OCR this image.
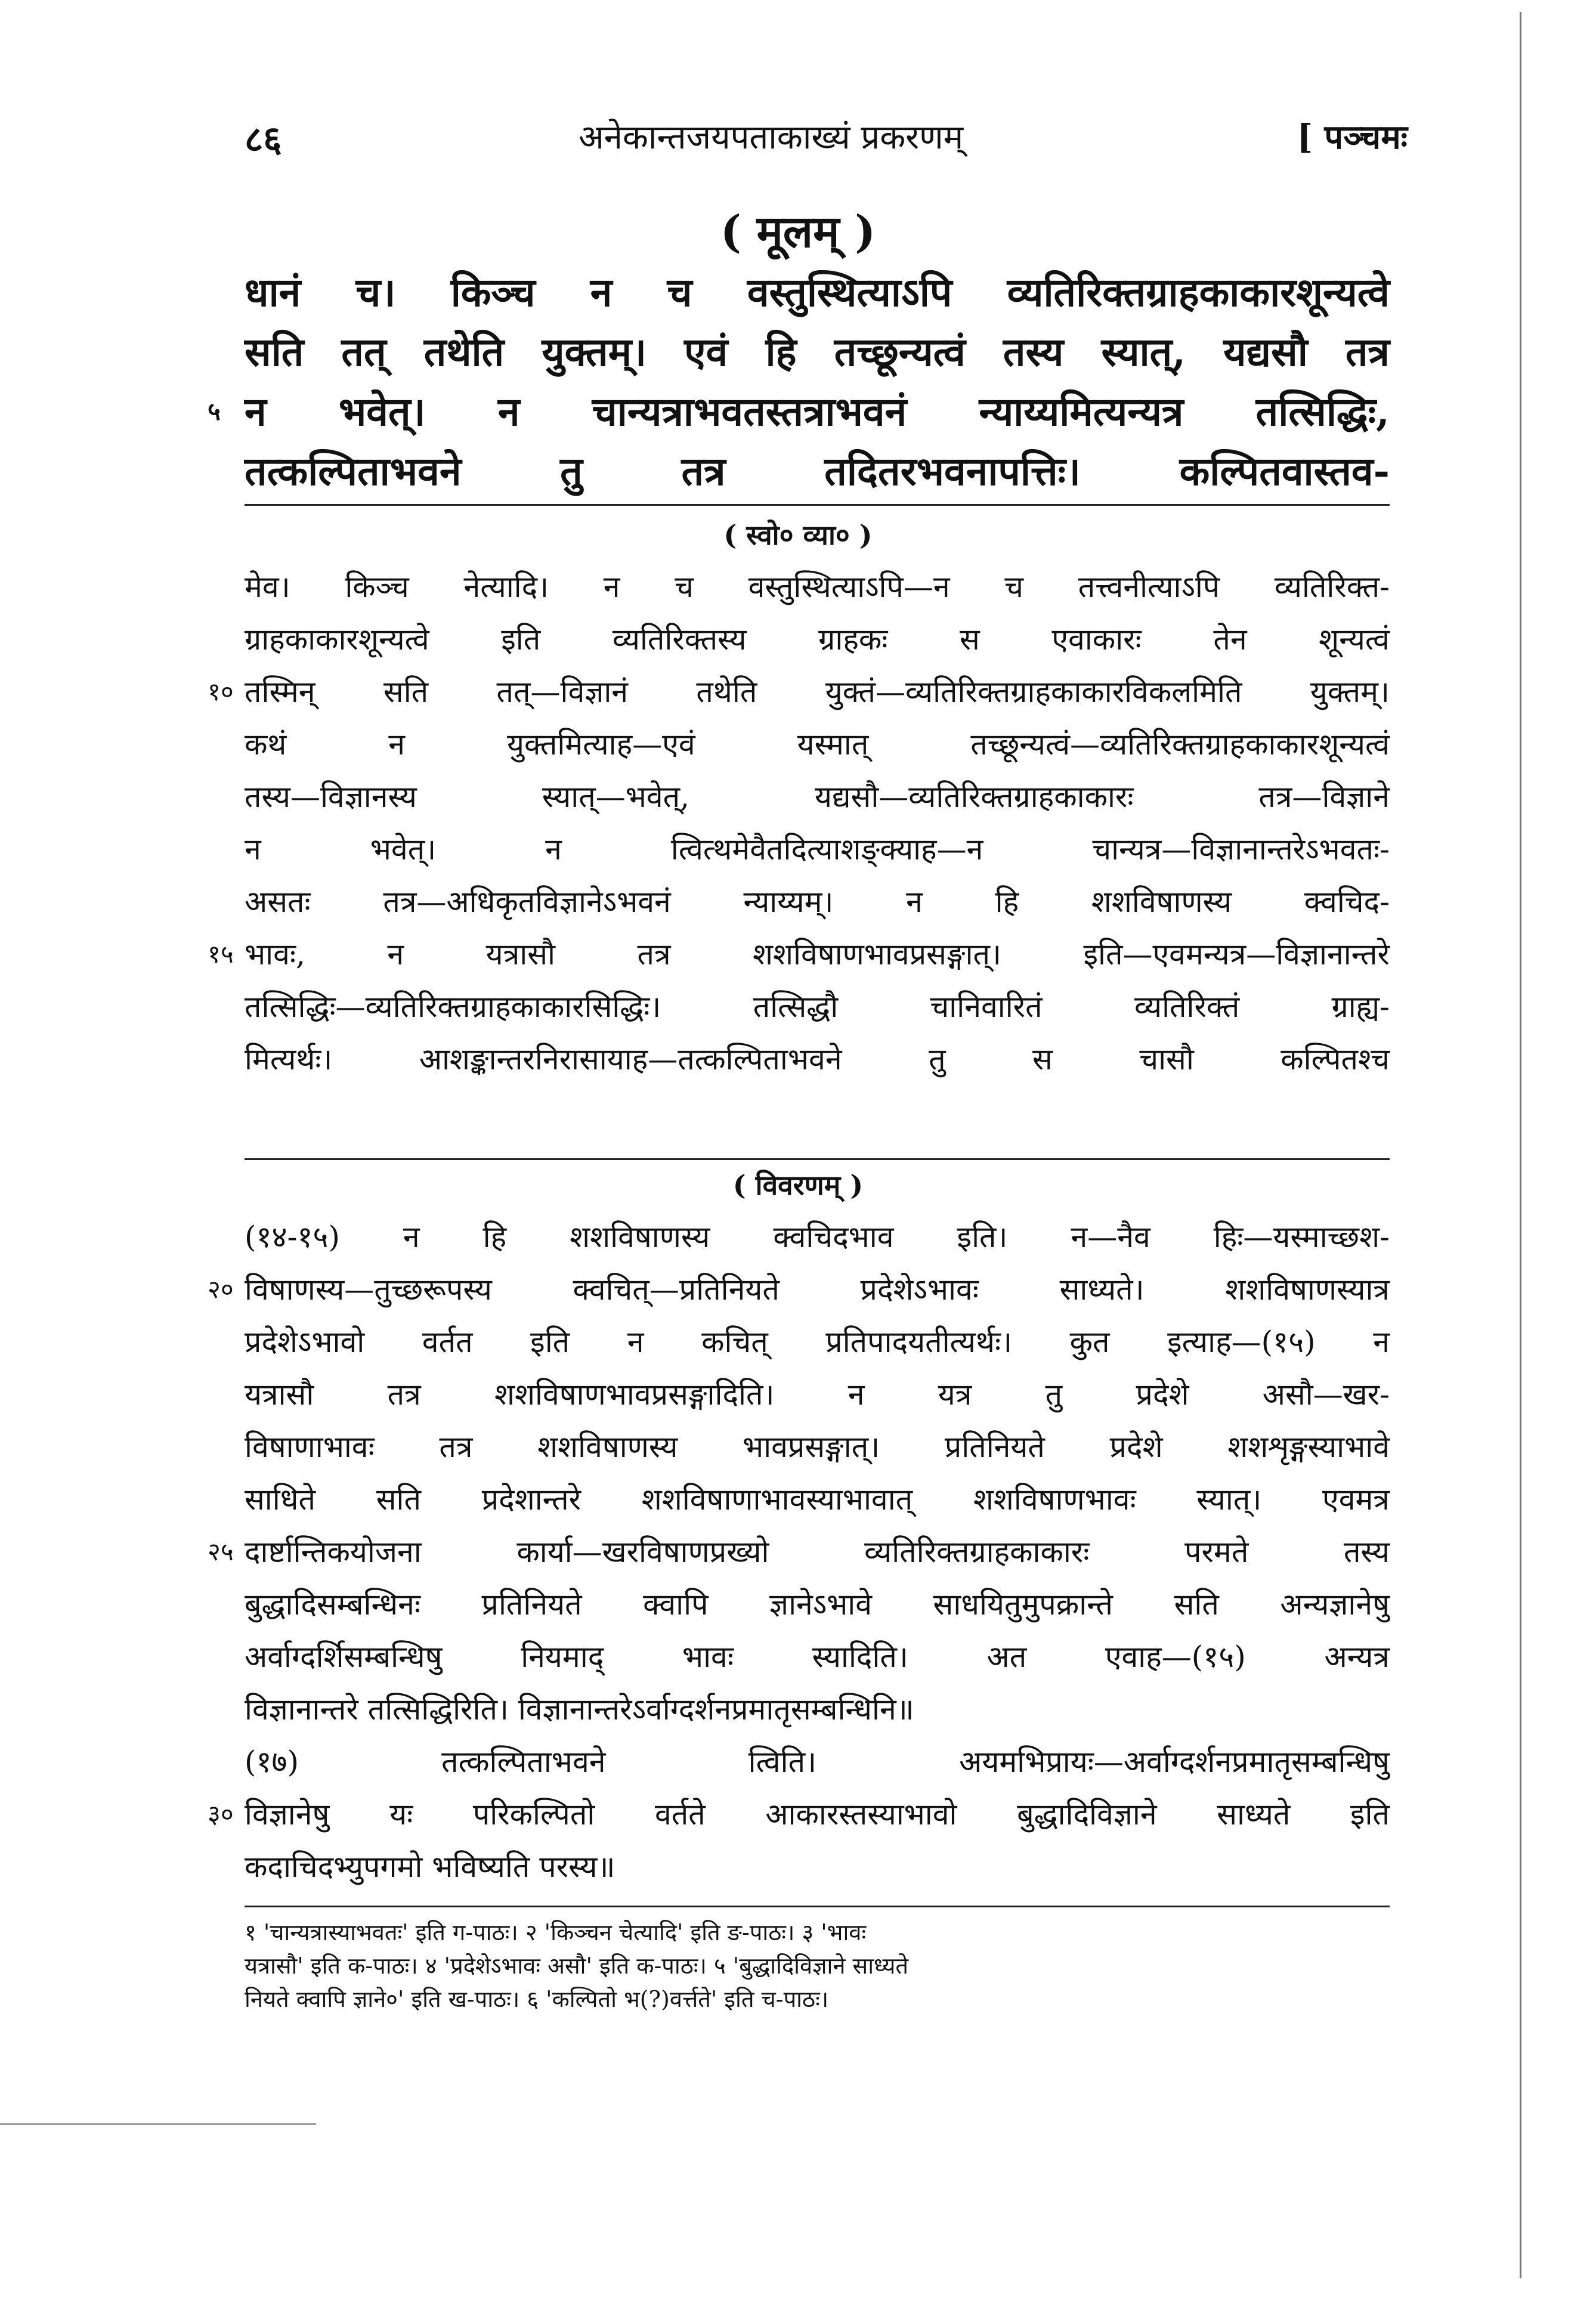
८६	अनेकान्तजयपताकाख्यं प्रकरणम्	[ पञ्चमः
( मूलम् )
धानं च। किञ्च न च वस्तुस्थित्याऽपि व्यतिरिक्तग्राहकाकारशून्यत्वे
सति तत् तथेति युक्तम्। एवं हि तच्छून्यत्वं तस्य स्यात्, यद्यसौ तत्र
५ न भवेत्। न चान्यत्राभवतस्तत्राभवनं न्याय्यमित्यन्यत्र तत्सिद्धिः,
तत्कल्पिताभवने तु तत्र तदितरभवनापत्तिः। कल्पितवास्तव-
( स्वो० व्या० )
मेव। किञ्च नेत्यादि। न च वस्तुस्थित्याऽपि—न च तत्त्वनीत्याऽपि व्यतिरिक्त-
ग्राहकाकारशून्यत्वे इति व्यतिरिक्तस्य ग्राहकः स एवाकारः तेन शून्यत्वं
१० तस्मिन् सति तत्—विज्ञानं तथेति युक्तं—व्यतिरिक्तग्राहकाकारविकलमिति युक्तम्।
कथं न युक्तमित्याह—एवं यस्मात् तच्छून्यत्वं—व्यतिरिक्तग्राहकाकारशून्यत्वं
तस्य—विज्ञानस्य स्यात्—भवेत्, यद्यसौ—व्यतिरिक्तग्राहकाकारः तत्र—विज्ञाने
न भवेत्। न त्वित्थमेवैतदित्याशङ्क्याह—न चान्यत्र—विज्ञानान्तरेऽभवतः-
असतः तत्र—अधिकृतविज्ञानेऽभवनं न्याय्यम्। न हि शशविषाणस्य क्वचिद-
१५ भावः, न यत्रासौ तत्र शशविषाणभावप्रसङ्गात्। इति—एवमन्यत्र—विज्ञानान्तरे
तत्सिद्धिः—व्यतिरिक्तग्राहकाकारसिद्धिः। तत्सिद्धौ चानिवारितं व्यतिरिक्तं ग्राह्य-
मित्यर्थः। आशङ्कान्तरनिरासायाह—तत्कल्पिताभवने तु स चासौ कल्पितश्च
( विवरणम् )
(१४-१५) न हि शशविषाणस्य क्वचिदभाव इति। न—नैव हिः—यस्माच्छश-
२० विषाणस्य—तुच्छरूपस्य क्वचित्—प्रतिनियते प्रदेशेऽभावः साध्यते। शशविषाणस्यात्र
प्रदेशेऽभावो वर्तत इति न कचित् प्रतिपादयतीत्यर्थः। कुत इत्याह—(१५) न
यत्रासौ तत्र शशविषाणभावप्रसङ्गादिति। न यत्र तु प्रदेशे असौ—खर-
विषाणाभावः तत्र शशविषाणस्य भावप्रसङ्गात्। प्रतिनियते प्रदेशे शशशृङ्गस्याभावे
साधिते सति प्रदेशान्तरे शशविषाणाभावस्याभावात् शशविषाणभावः स्यात्। एवमत्र
२५ दार्ष्टान्तिकयोजना कार्या—खरविषाणप्रख्यो व्यतिरिक्तग्राहकाकारः परमते तस्य
बुद्धादिसम्बन्धिनः प्रतिनियते क्वापि ज्ञानेऽभावे साधयितुमुपक्रान्ते सति अन्यज्ञानेषु
अर्वाग्दर्शिसम्बन्धिषु नियमाद् भावः स्यादिति। अत एवाह—(१५) अन्यत्र
विज्ञानान्तरे तत्सिद्धिरिति। विज्ञानान्तरेऽर्वाग्दर्शनप्रमातृसम्बन्धिनि॥
(१७) तत्कल्पिताभवने त्विति। अयमभिप्रायः—अर्वाग्दर्शनप्रमातृसम्बन्धिषु
३० विज्ञानेषु यः परिकल्पितो वर्तते आकारस्तस्याभावो बुद्धादिविज्ञाने साध्यते इति
कदाचिदभ्युपगमो भविष्यति परस्य॥
१ 'चान्यत्रास्याभवतः' इति ग-पाठः। २ 'किञ्चन चेत्यादि' इति ङ-पाठः। ३ 'भावः
यत्रासौ' इति क-पाठः। ४ 'प्रदेशेऽभावः असौ' इति क-पाठः। ५ 'बुद्धादिविज्ञाने साध्यते
नियते क्वापि ज्ञाने०' इति ख-पाठः। ६ 'कल्पितो भ(?)वर्त्तते' इति च-पाठः।
